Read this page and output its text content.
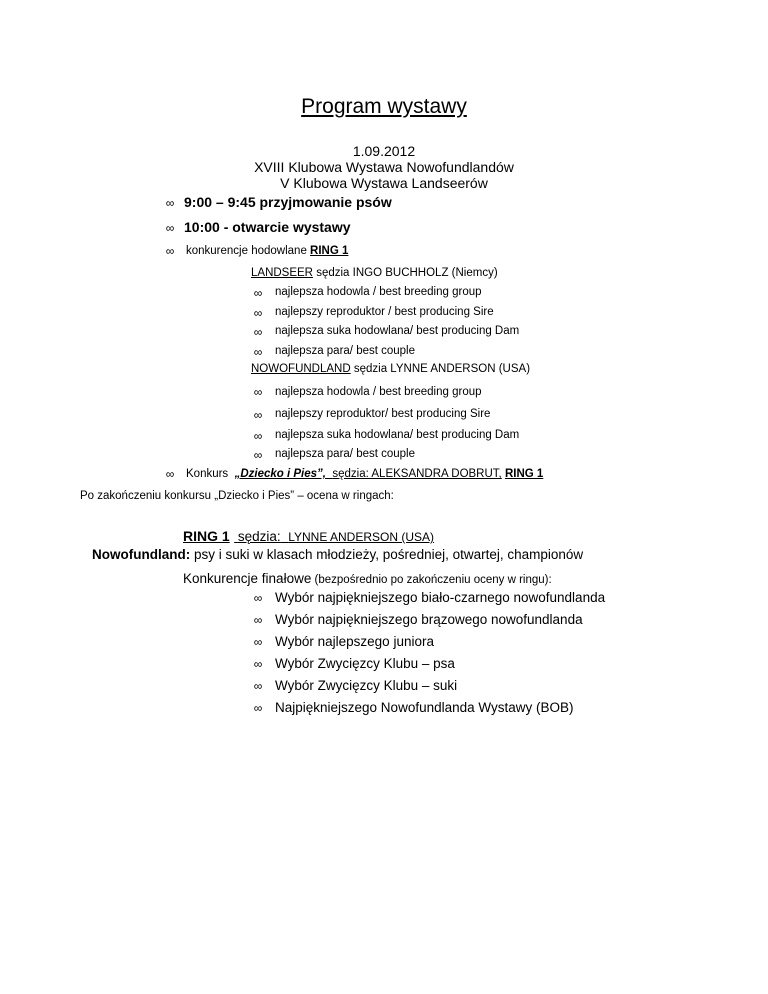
Program wystawy
1.09.2012
XVIII Klubowa Wystawa Nowofundlandów
V Klubowa Wystawa Landseerów
∞ 9:00 – 9:45 przyjmowanie psów
∞ 10:00 - otwarcie wystawy
∞ konkurencje hodowlane RING 1
LANDSEER sędzia INGO BUCHHOLZ (Niemcy)
∞ najlepsza hodowla / best breeding group
∞ najlepszy reproduktor / best producing Sire
∞ najlepsza suka hodowlana/ best producing Dam
∞ najlepsza para/ best couple
NOWOFUNDLAND sędzia LYNNE ANDERSON (USA)
∞ najlepsza hodowla / best breeding group
∞ najlepszy reproduktor/ best producing Sire
∞ najlepsza suka hodowlana/ best producing Dam
∞ najlepsza para/ best couple
∞ Konkurs „Dziecko i Pies”, sędzia: ALEKSANDRA DOBRUT, RING 1
Po zakończeniu konkursu „Dziecko i Pies” – ocena w ringach:
RING 1 sędzia: LYNNE ANDERSON (USA)
Nowofundland: psy i suki w klasach młodzieży, pośredniej, otwartej, championów
Konkurencje finałowe (bezpośrednio po zakończeniu oceny w ringu):
∞ Wybór najpiękniejszego biało-czarnego nowofundlanda
∞ Wybór najpiękniejszego brązowego nowofundlanda
∞ Wybór najlepszego juniora
∞ Wybór Zwycięzcy Klubu – psa
∞ Wybór Zwycięzcy Klubu – suki
∞ Najpiękniejszego Nowofundlanda Wystawy (BOB)
